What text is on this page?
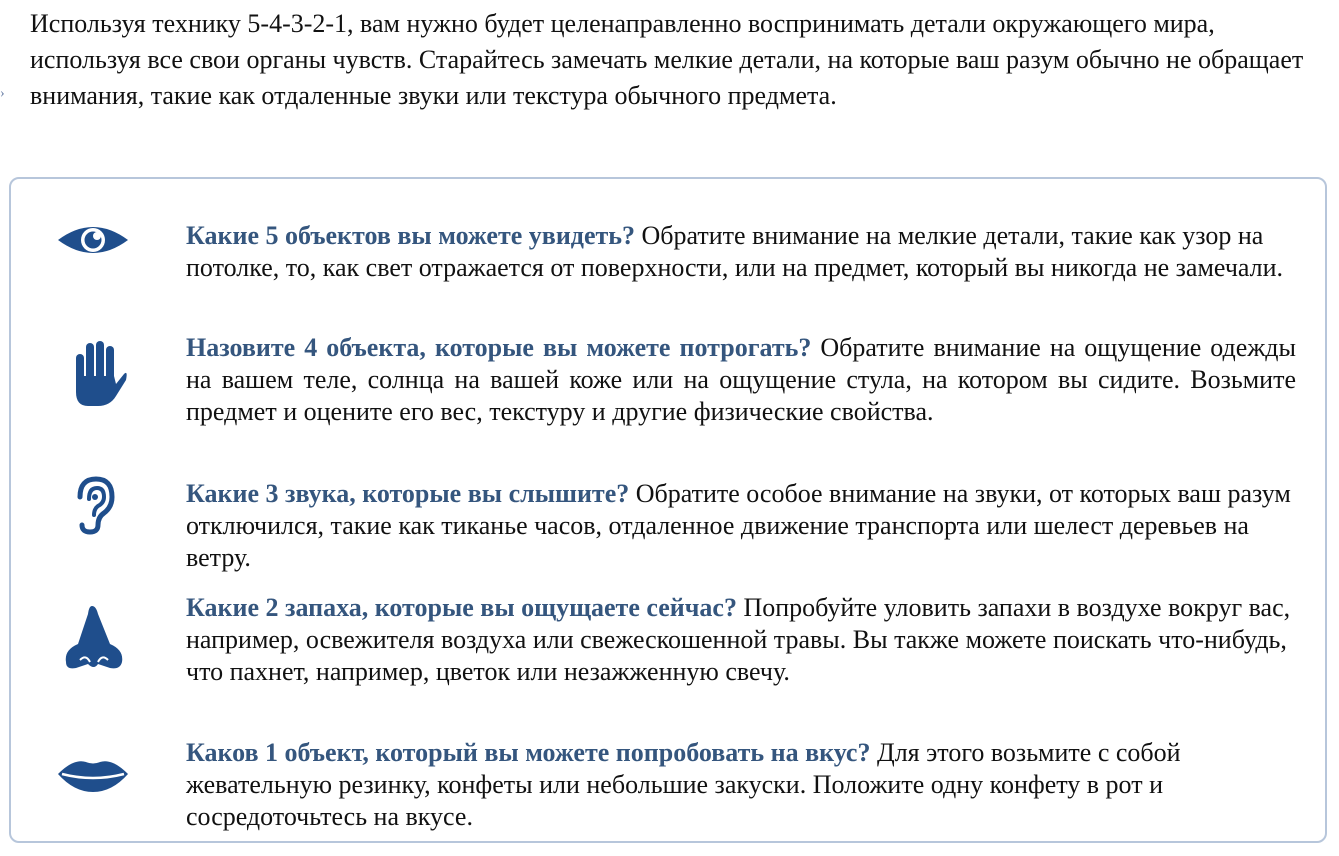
Используя технику 5-4-3-2-1, вам нужно будет целенаправленно воспринимать детали окружающего мира, используя все свои органы чувств. Старайтесь замечать мелкие детали, на которые ваш разум обычно не обращает внимания, такие как отдаленные звуки или текстура обычного предмета.

›
Какие 5 объектов вы можете увидеть? Обратите внимание на мелкие детали, такие как узор на потолке, то, как свет отражается от поверхности, или на предмет, который вы никогда не замечали.
Назовите 4 объекта, которые вы можете потрогать? Обратите внимание на ощущение одежды на вашем теле, солнца на вашей коже или на ощущение стула, на котором вы сидите. Возьмите предмет и оцените его вес, текстуру и другие физические свойства.
Какие 3 звука, которые вы слышите? Обратите особое внимание на звуки, от которых ваш разум отключился, такие как тиканье часов, отдаленное движение транспорта или шелест деревьев на ветру.
Какие 2 запаха, которые вы ощущаете сейчас? Попробуйте уловить запахи в воздухе вокруг вас, например, освежителя воздуха или свежескошенной травы. Вы также можете поискать что-нибудь, что пахнет, например, цветок или незажженную свечу.
Каков 1 объект, который вы можете попробовать на вкус? Для этого возьмите с собой жевательную резинку, конфеты или небольшие закуски. Положите одну конфету в рот и сосредоточьтесь на вкусе.
